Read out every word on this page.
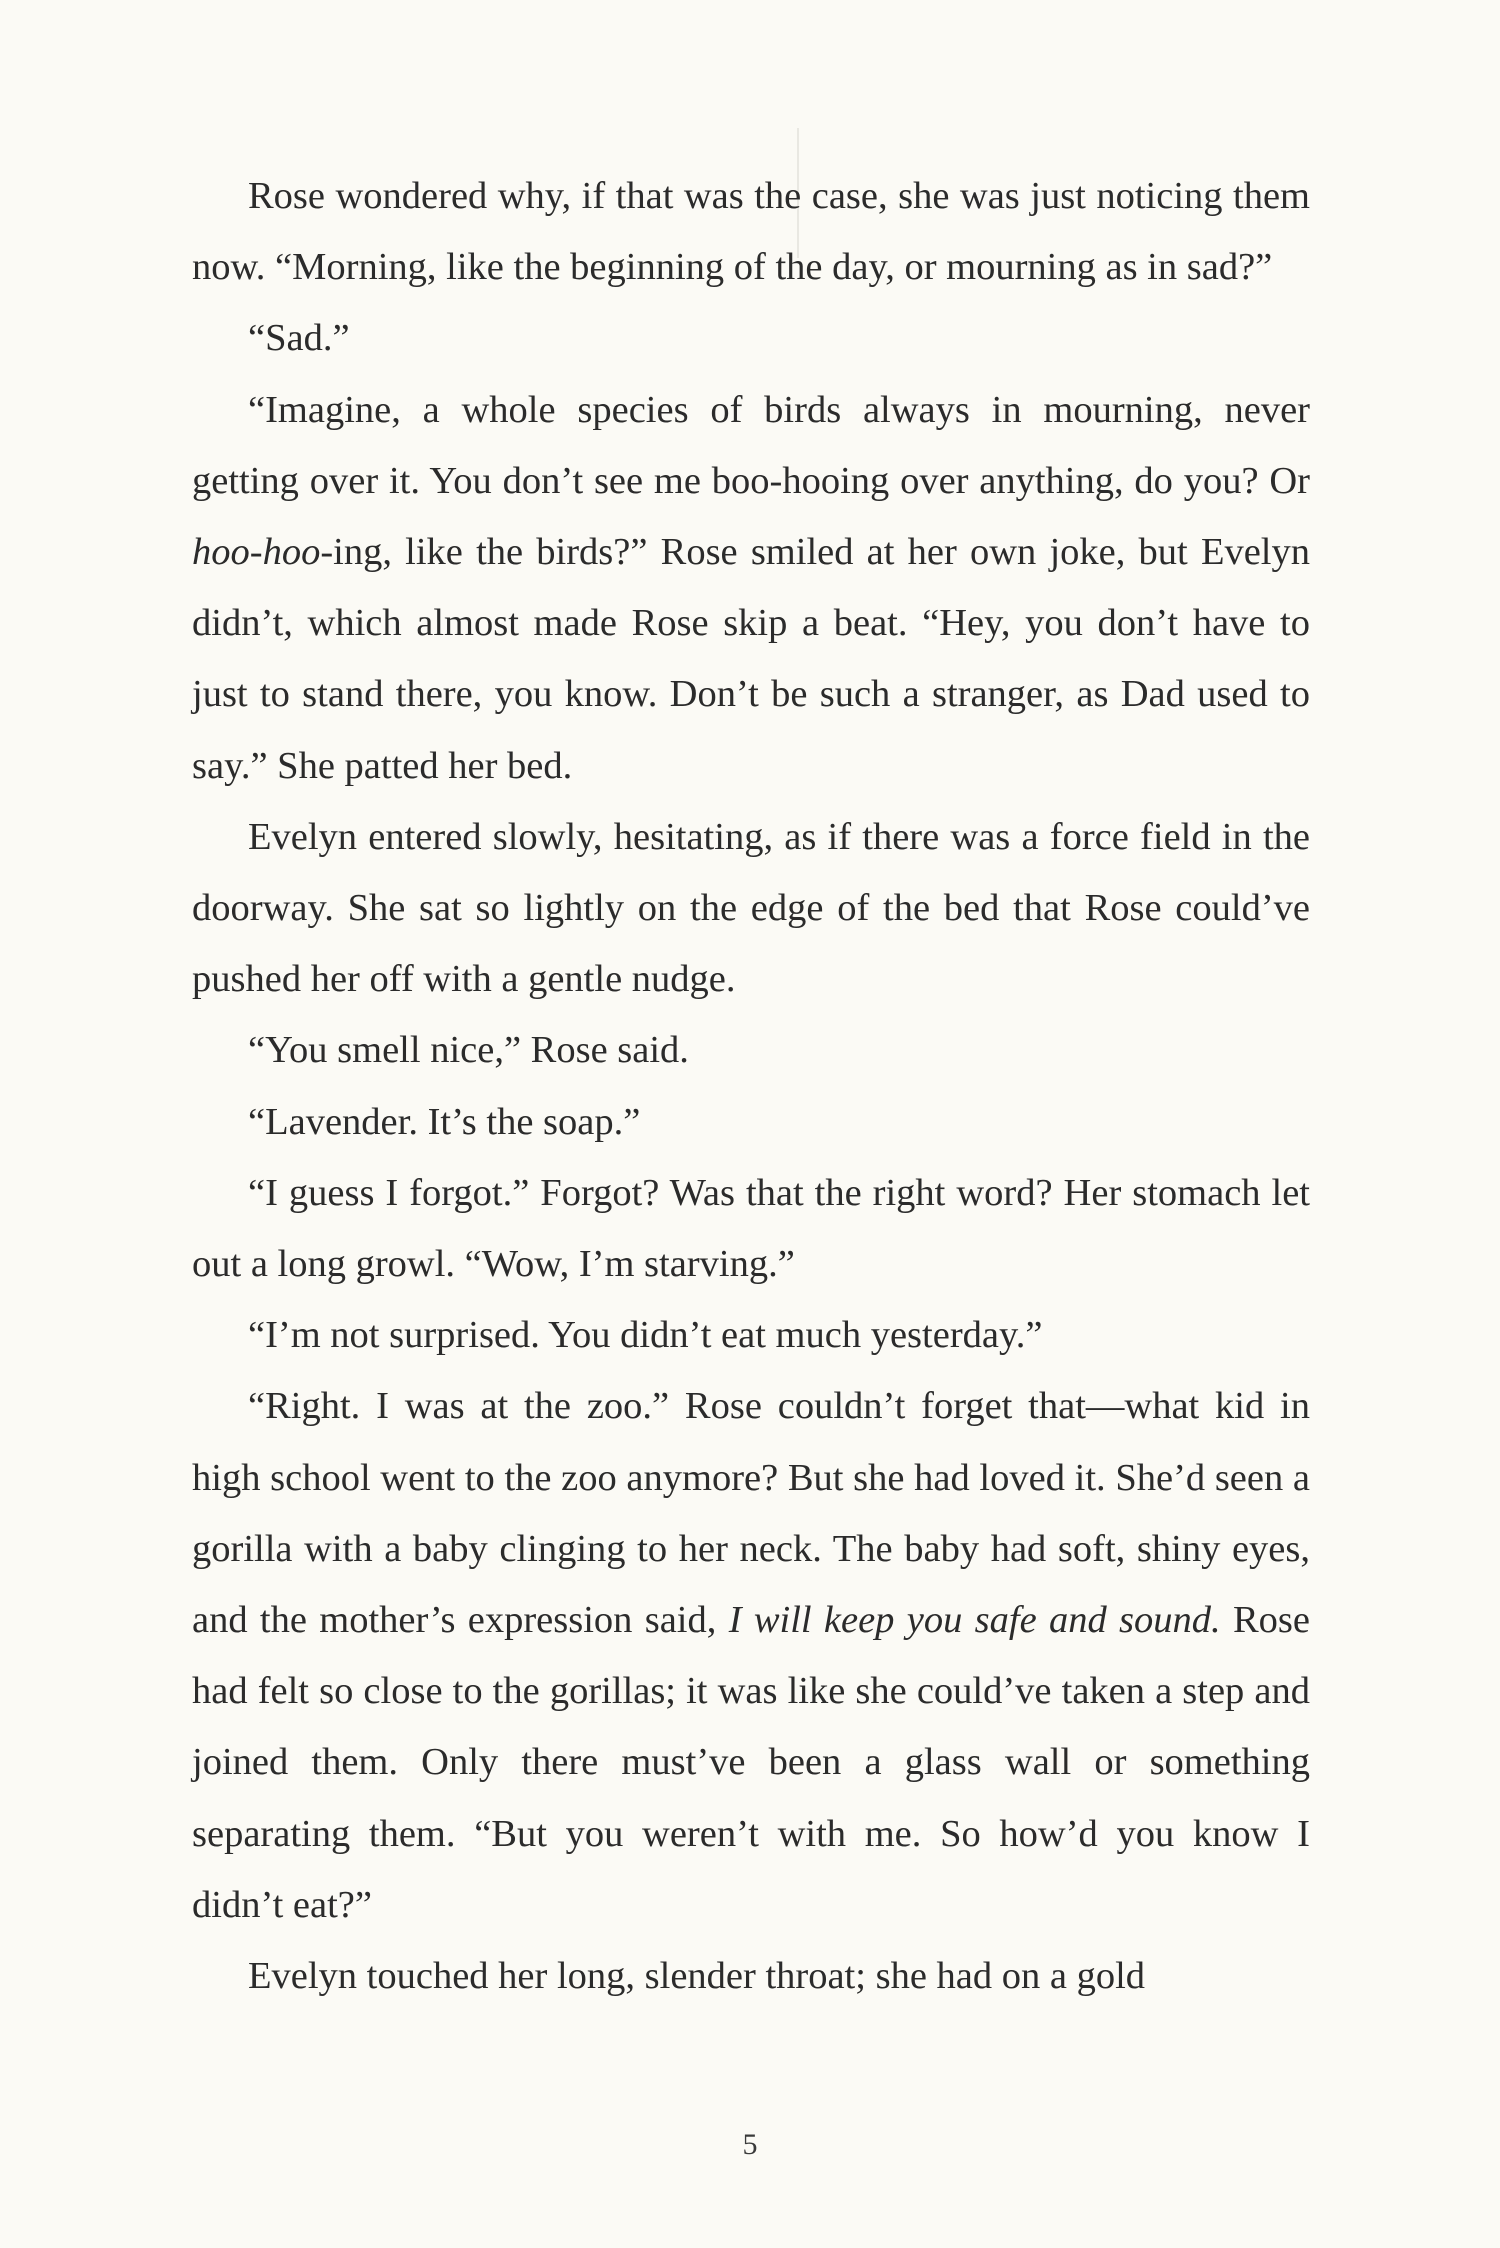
Rose wondered why, if that was the case, she was just noticing them now. “Morning, like the beginning of the day, or mourning as in sad?”

“Sad.”

“Imagine, a whole species of birds always in mourning, never getting over it. You don’t see me boo-hooing over anything, do you? Or hoo-hoo-ing, like the birds?” Rose smiled at her own joke, but Evelyn didn’t, which almost made Rose skip a beat. “Hey, you don’t have to just to stand there, you know. Don’t be such a stranger, as Dad used to say.” She patted her bed.

Evelyn entered slowly, hesitating, as if there was a force field in the doorway. She sat so lightly on the edge of the bed that Rose could’ve pushed her off with a gentle nudge.

“You smell nice,” Rose said.

“Lavender. It’s the soap.”

“I guess I forgot.” Forgot? Was that the right word? Her stomach let out a long growl. “Wow, I’m starving.”

“I’m not surprised. You didn’t eat much yesterday.”

“Right. I was at the zoo.” Rose couldn’t forget that—what kid in high school went to the zoo anymore? But she had loved it. She’d seen a gorilla with a baby clinging to her neck. The baby had soft, shiny eyes, and the mother’s expression said, I will keep you safe and sound. Rose had felt so close to the gorillas; it was like she could’ve taken a step and joined them. Only there must’ve been a glass wall or something separating them. “But you weren’t with me. So how’d you know I didn’t eat?”

Evelyn touched her long, slender throat; she had on a gold

5
